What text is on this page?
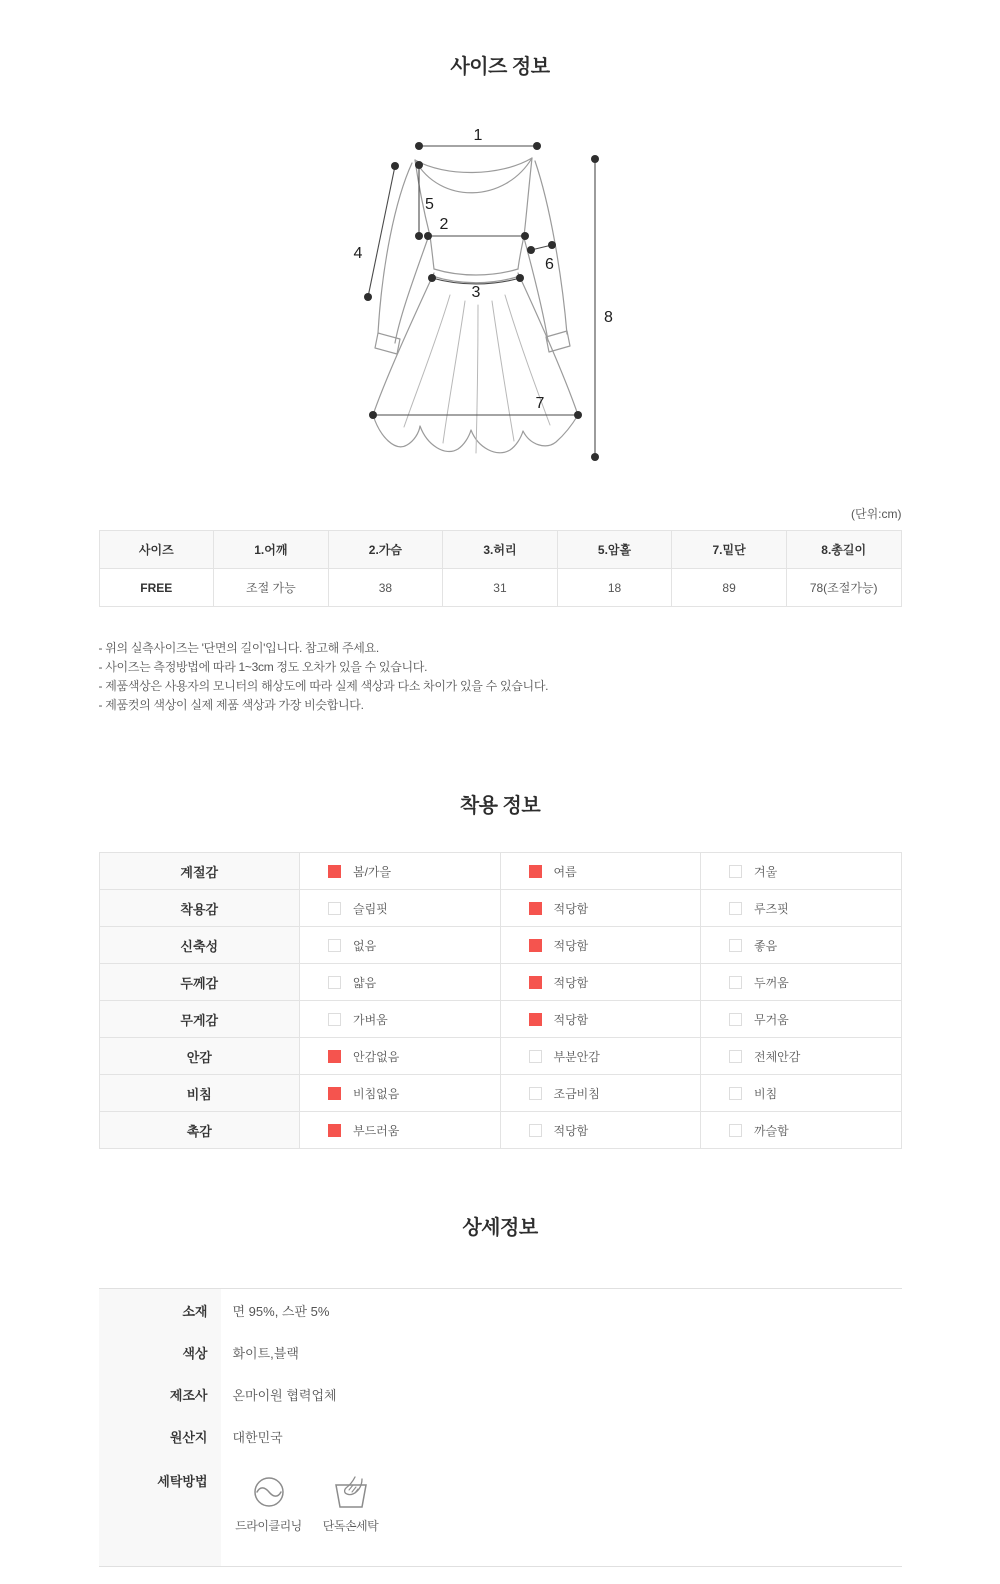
사이즈 정보
1
2
3
4
5
6
7
8
(단위:cm)
사이즈	1.어깨	2.가슴	3.허리	5.암홀	7.밑단	8.총길이
FREE	조절 가능	38	31	18	89	78(조절가능)
- 위의 실측사이즈는 '단면의 길이'입니다. 참고해 주세요.
- 사이즈는 측정방법에 따라 1~3cm 정도 오차가 있을 수 있습니다.
- 제품색상은 사용자의 모니터의 해상도에 따라 실제 색상과 다소 차이가 있을 수 있습니다.
- 제품컷의 색상이 실제 제품 색상과 가장 비슷합니다.
착용 정보
계절감	봄/가을	여름	겨울
착용감	슬림핏	적당함	루즈핏
신축성	없음	적당함	좋음
두께감	얇음	적당함	두꺼움
무게감	가벼움	적당함	무거움
안감	안감없음	부분안감	전체안감
비침	비침없음	조금비침	비침
촉감	부드러움	적당함	까슬함
상세정보
소재	면 95%, 스판 5%
색상	화이트,블랙
제조사	온마이원 협력업체
원산지	대한민국
세탁방법
드라이클리닝	단독손세탁
